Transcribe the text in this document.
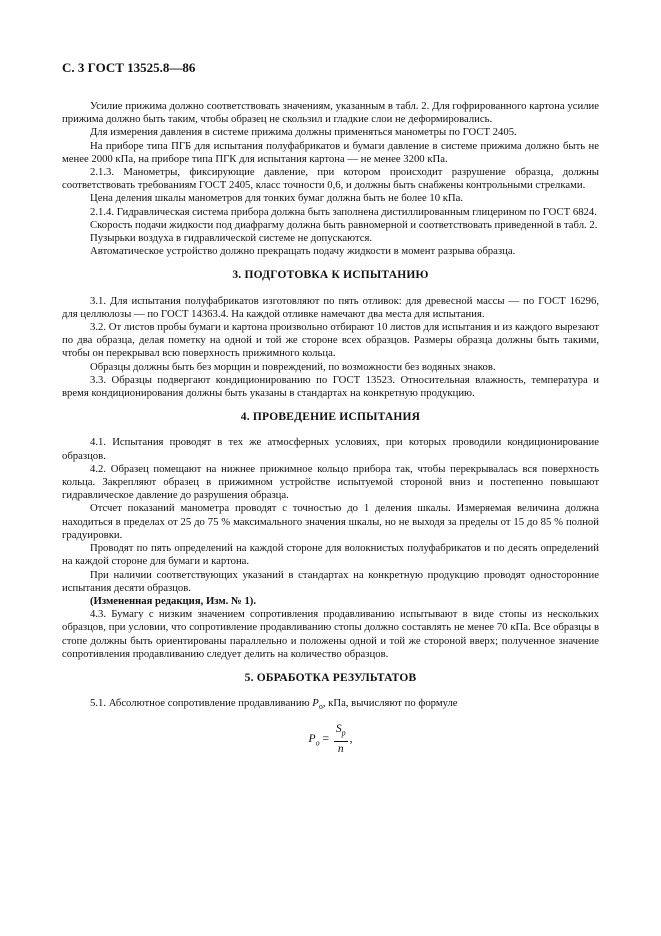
С. 3 ГОСТ 13525.8—86

Усилие прижима должно соответствовать значениям, указанным в табл. 2. Для гофрированного картона усилие прижима должно быть таким, чтобы образец не скользил и гладкие слои не деформировались.

Для измерения давления в системе прижима должны применяться манометры по ГОСТ 2405.

На приборе типа ПГБ для испытания полуфабрикатов и бумаги давление в системе прижима должно быть не менее 2000 кПа, на приборе типа ПГК для испытания картона — не менее 3200 кПа.

2.1.3. Манометры, фиксирующие давление, при котором происходит разрушение образца, должны соответствовать требованиям ГОСТ 2405, класс точности 0,6, и должны быть снабжены контрольными стрелками.

Цена деления шкалы манометров для тонких бумаг должна быть не более 10 кПа.

2.1.4. Гидравлическая система прибора должна быть заполнена дистиллированным глицерином по ГОСТ 6824.

Скорость подачи жидкости под диафрагму должна быть равномерной и соответствовать приведенной в табл. 2.

Пузырьки воздуха в гидравлической системе не допускаются.

Автоматическое устройство должно прекращать подачу жидкости в момент разрыва образца.

3. ПОДГОТОВКА К ИСПЫТАНИЮ

3.1. Для испытания полуфабрикатов изготовляют по пять отливок: для древесной массы — по ГОСТ 16296, для целлюлозы — по ГОСТ 14363.4. На каждой отливке намечают два места для испытания.

3.2. От листов пробы бумаги и картона произвольно отбирают 10 листов для испытания и из каждого вырезают по два образца, делая пометку на одной и той же стороне всех образцов. Размеры образца должны быть такими, чтобы он перекрывал всю поверхность прижимного кольца.

Образцы должны быть без морщин и повреждений, по возможности без водяных знаков.

3.3. Образцы подвергают кондиционированию по ГОСТ 13523. Относительная влажность, температура и время кондиционирования должны быть указаны в стандартах на конкретную продукцию.

4. ПРОВЕДЕНИЕ ИСПЫТАНИЯ

4.1. Испытания проводят в тех же атмосферных условиях, при которых проводили кондиционирование образцов.

4.2. Образец помещают на нижнее прижимное кольцо прибора так, чтобы перекрывалась вся поверхность кольца. Закрепляют образец в прижимном устройстве испытуемой стороной вниз и постепенно повышают гидравлическое давление до разрушения образца.

Отсчет показаний манометра проводят с точностью до 1 деления шкалы. Измеряемая величина должна находиться в пределах от 25 до 75 % максимального значения шкалы, но не выходя за пределы от 15 до 85 % полной градуировки.

Проводят по пять определений на каждой стороне для волокнистых полуфабрикатов и по десять определений на каждой стороне для бумаги и картона.

При наличии соответствующих указаний в стандартах на конкретную продукцию проводят односторонние испытания десяти образцов.

(Измененная редакция, Изм. № 1).

4.3. Бумагу с низким значением сопротивления продавливанию испытывают в виде стопы из нескольких образцов, при условии, что сопротивление продавливанию стопы должно составлять не менее 70 кПа. Все образцы в стопе должны быть ориентированы параллельно и положены одной и той же стороной вверх; полученное значение сопротивления продавливанию следует делить на количество образцов.

5. ОБРАБОТКА РЕЗУЛЬТАТОВ

5.1. Абсолютное сопротивление продавливанию $P_o$, кПа, вычисляют по формуле

$P_o = \frac{S_p}{n}$ ,
